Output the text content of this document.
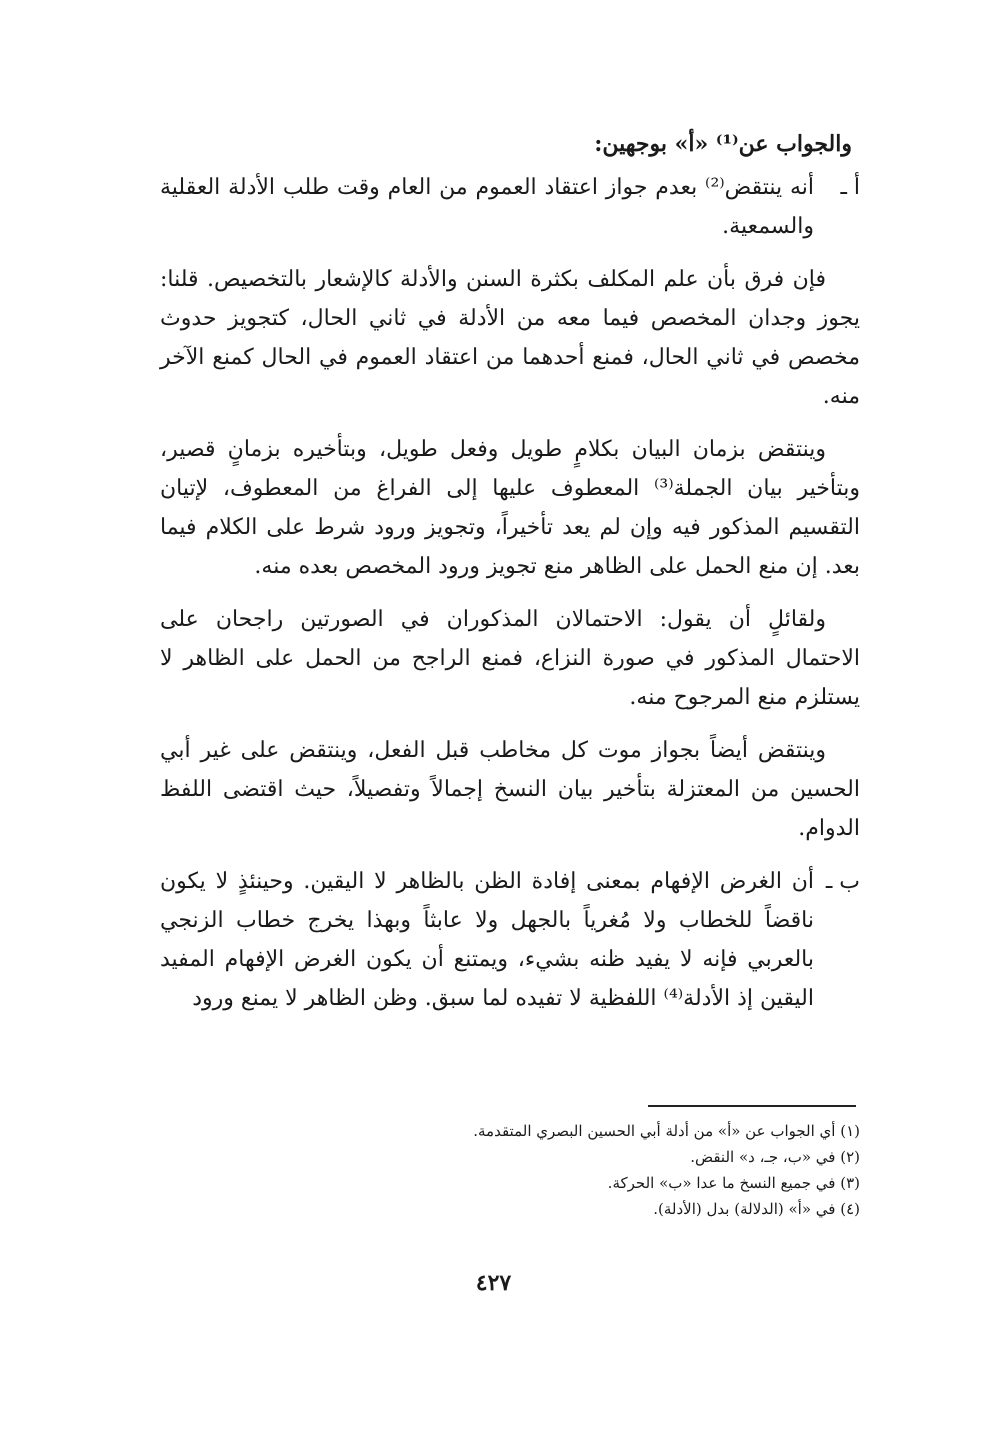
والجواب عن⁽¹⁾ «أ» بوجهين:
أ ـ
أنه ينتقض⁽²⁾ بعدم جواز اعتقاد العموم من العام وقت طلب الأدلة العقلية والسمعية.

فإن فرق بأن علم المكلف بكثرة السنن والأدلة كالإشعار بالتخصيص. قلنا: يجوز وجدان المخصص فيما معه من الأدلة في ثاني الحال، كتجويز حدوث مخصص في ثاني الحال، فمنع أحدهما من اعتقاد العموم في الحال كمنع الآخر منه.

وينتقض بزمان البيان بكلامٍ طويل وفعل طويل، وبتأخيره بزمانٍ قصير، وبتأخير بيان الجملة⁽³⁾ المعطوف عليها إلى الفراغ من المعطوف، لإتيان التقسيم المذكور فيه وإن لم يعد تأخيراً، وتجويز ورود شرط على الكلام فيما بعد. إن منع الحمل على الظاهر منع تجويز ورود المخصص بعده منه.

ولقائلٍ أن يقول: الاحتمالان المذكوران في الصورتين راجحان على الاحتمال المذكور في صورة النزاع، فمنع الراجح من الحمل على الظاهر لا يستلزم منع المرجوح منه.

وينتقض أيضاً بجواز موت كل مخاطب قبل الفعل، وينتقض على غير أبي الحسين من المعتزلة بتأخير بيان النسخ إجمالاً وتفصيلاً، حيث اقتضى اللفظ الدوام.

ب ـ
أن الغرض الإفهام بمعنى إفادة الظن بالظاهر لا اليقين. وحينئذٍ لا يكون ناقضاً للخطاب ولا مُغرياً بالجهل ولا عابثاً وبهذا يخرج خطاب الزنجي بالعربي فإنه لا يفيد ظنه بشيء، ويمتنع أن يكون الغرض الإفهام المفيد اليقين إذ الأدلة⁽⁴⁾ اللفظية لا تفيده لما سبق. وظن الظاهر لا يمنع ورود

(١) أي الجواب عن «أ» من أدلة أبي الحسين البصري المتقدمة.

(٢) في «ب، جـ، د» النقض.

(٣) في جميع النسخ ما عدا «ب» الحركة.

(٤) في «أ» (الدلالة) بدل (الأدلة).

٤٢٧
